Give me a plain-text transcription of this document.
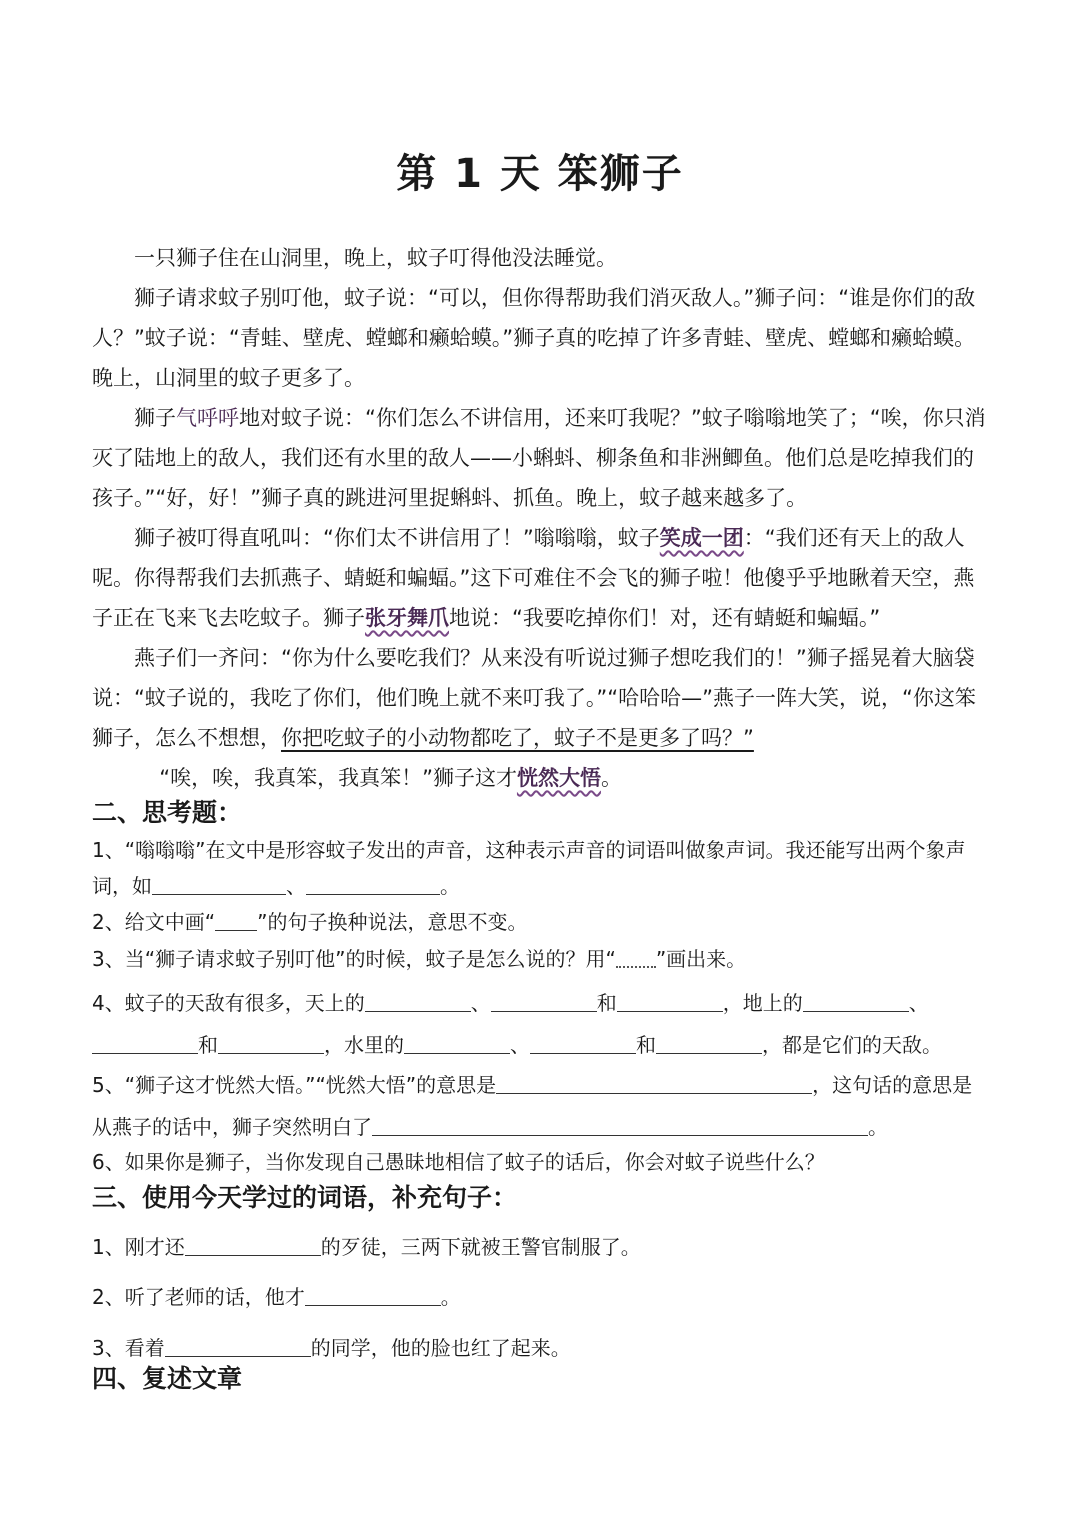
第 1 天 笨狮子

一只狮子住在山洞里，晚上，蚊子叮得他没法睡觉。

狮子请求蚊子别叮他，蚊子说：“可以，但你得帮助我们消灭敌人。”狮子问：“谁是你们的敌人？”蚊子说：“青蛙、壁虎、螳螂和癞蛤蟆。”狮子真的吃掉了许多青蛙、壁虎、螳螂和癞蛤蟆。晚上，山洞里的蚊子更多了。

狮子气呼呼地对蚊子说：“你们怎么不讲信用，还来叮我呢？”蚊子嗡嗡地笑了；“唉，你只消灭了陆地上的敌人，我们还有水里的敌人——小蝌蚪、柳条鱼和非洲鲫鱼。他们总是吃掉我们的孩子。”“好，好！”狮子真的跳进河里捉蝌蚪、抓鱼。晚上，蚊子越来越多了。

狮子被叮得直吼叫：“你们太不讲信用了！”嗡嗡嗡，蚊子笑成一团：“我们还有天上的敌人呢。你得帮我们去抓燕子、蜻蜓和蝙蝠。”这下可难住不会飞的狮子啦！他傻乎乎地瞅着天空，燕子正在飞来飞去吃蚊子。狮子张牙舞爪地说：“我要吃掉你们！对，还有蜻蜓和蝙蝠。”

燕子们一齐问：“你为什么要吃我们？从来没有听说过狮子想吃我们的！”狮子摇晃着大脑袋说：“蚊子说的，我吃了你们，他们晚上就不来叮我了。”“哈哈哈—”燕子一阵大笑，说，“你这笨狮子，怎么不想想，你把吃蚊子的小动物都吃了，蚊子不是更多了吗？”

“唉，唉，我真笨，我真笨！”狮子这才恍然大悟。

二、思考题：
1、“嗡嗡嗡”在文中是形容蚊子发出的声音，这种表示声音的词语叫做象声词。我还能写出两个象声词，如	、	。
2、给文中画“ ”的句子换种说法，意思不变。
3、当“狮子请求蚊子别叮他”的时候，蚊子是怎么说的？用“ ”画出来。
4、蚊子的天敌有很多，天上的	、	和	，地上的	、和	，水里的	、	和	，都是它们的天敌。
5、“狮子这才恍然大悟。”“恍然大悟”的意思是	，这句话的意思是从燕子的话中，狮子突然明白了	。
6、如果你是狮子，当你发现自己愚昧地相信了蚊子的话后，你会对蚊子说些什么？
三、使用今天学过的词语，补充句子：
1、刚才还	的歹徒，三两下就被王警官制服了。
2、听了老师的话，他才	。
3、看着	的同学，他的脸也红了起来。
四、复述文章
